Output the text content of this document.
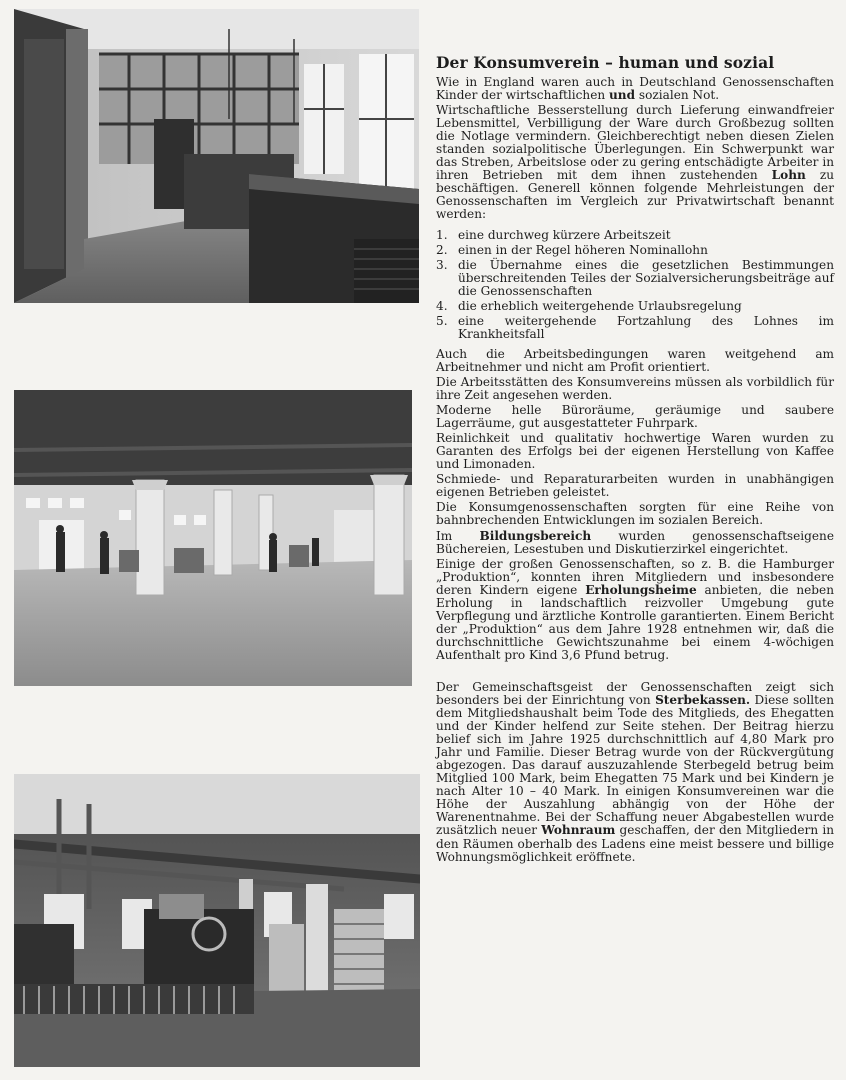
Der Konsumverein – human und sozial

Wie in England waren auch in Deutschland Genossenschaften Kinder der wirtschaftlichen und sozialen Not.

Wirtschaftliche Besserstellung durch Lieferung einwandfreier Lebensmittel, Verbilligung der Ware durch Großbezug sollten die Notlage vermindern. Gleichberechtigt neben diesen Zielen standen sozialpolitische Überlegungen. Ein Schwerpunkt war das Streben, Arbeitslose oder zu gering entschädigte Arbeiter in ihren Betrieben mit dem ihnen zustehenden Lohn zu beschäftigen. Generell können folgende Mehrleistungen der Genossenschaften im Vergleich zur Privatwirtschaft benannt werden:

1. eine durchweg kürzere Arbeitszeit
2. einen in der Regel höheren Nominallohn
3. die Übernahme eines die gesetzlichen Bestimmungen überschreitenden Teiles der Sozialversicherungsbeiträge auf die Genossenschaften
4. die erheblich weitergehende Urlaubsregelung
5. eine weitergehende Fortzahlung des Lohnes im Krankheitsfall

Auch die Arbeitsbedingungen waren weitgehend am Arbeitnehmer und nicht am Profit orientiert.

Die Arbeitsstätten des Konsumvereins müssen als vorbildlich für ihre Zeit angesehen werden.

Moderne helle Büroräume, geräumige und saubere Lagerräume, gut ausgestatteter Fuhrpark.

Reinlichkeit und qualitativ hochwertige Waren wurden zu Garanten des Erfolgs bei der eigenen Herstellung von Kaffee und Limonaden.

Schmiede- und Reparaturarbeiten wurden in unabhängigen eigenen Betrieben geleistet.

Die Konsumgenossenschaften sorgten für eine Reihe von bahnbrechenden Entwicklungen im sozialen Bereich.

Im Bildungsbereich wurden genossenschaftseigene Büchereien, Lesestuben und Diskutierzirkel eingerichtet.

Einige der großen Genossenschaften, so z. B. die Hamburger „Produktion“, konnten ihren Mitgliedern und insbesondere deren Kindern eigene Erholungsheime anbieten, die neben Erholung in landschaftlich reizvoller Umgebung gute Verpflegung und ärztliche Kontrolle garantierten. Einem Bericht der „Produktion“ aus dem Jahre 1928 entnehmen wir, daß die durchschnittliche Gewichtszunahme bei einem 4-wöchigen Aufenthalt pro Kind 3,6 Pfund betrug.

Der Gemeinschaftsgeist der Genossenschaften zeigt sich besonders bei der Einrichtung von Sterbekassen. Diese sollten dem Mitgliedshaushalt beim Tode des Mitglieds, des Ehegatten und der Kinder helfend zur Seite stehen. Der Beitrag hierzu belief sich im Jahre 1925 durchschnittlich auf 4,80 Mark pro Jahr und Familie. Dieser Betrag wurde von der Rückvergütung abgezogen. Das darauf auszuzahlende Sterbegeld betrug beim Mitglied 100 Mark, beim Ehegatten 75 Mark und bei Kindern je nach Alter 10 – 40 Mark. In einigen Konsumvereinen war die Höhe der Auszahlung abhängig von der Höhe der Warenentnahme. Bei der Schaffung neuer Abgabestellen wurde zusätzlich neuer Wohnraum geschaffen, der den Mitgliedern in den Räumen oberhalb des Ladens eine meist bessere und billige Wohnungsmöglichkeit eröffnete.
